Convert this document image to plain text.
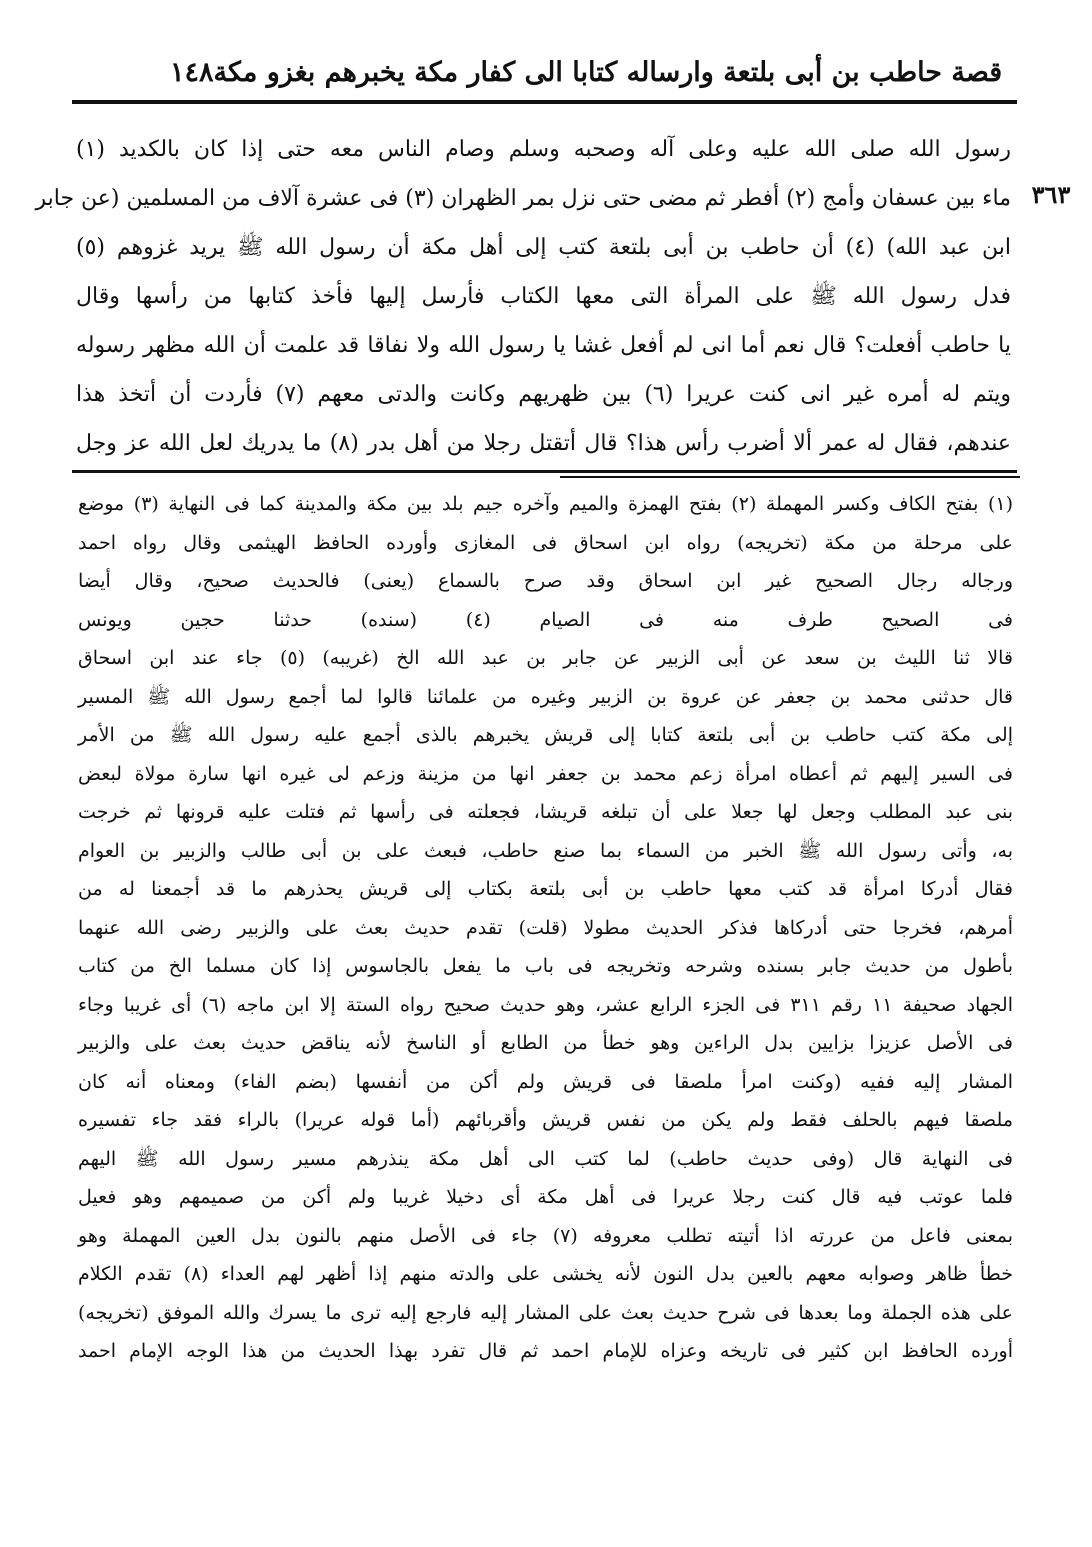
١٤٨ قصة حاطب بن أبى بلتعة وارساله كتابا الى كفار مكة يخبرهم بغزو مكة
٣٦٣
رسول الله صلى الله عليه وعلى آله وصحبه وسلم وصام الناس معه حتى إذا كان بالكديد (١)
ماء بين عسفان وأمج (٢) أفطر ثم مضى حتى نزل بمر الظهران (٣) فى عشرة آلاف من المسلمين (عن جابر
ابن عبد الله) (٤) أن حاطب بن أبى بلتعة كتب إلى أهل مكة أن رسول الله ﷺ يريد غزوهم (٥)
فدل رسول الله ﷺ على المرأة التى معها الكتاب فأرسل إليها فأخذ كتابها من رأسها وقال
يا حاطب أفعلت؟ قال نعم أما انى لم أفعل غشا يا رسول الله ولا نفاقا قد علمت أن الله مظهر رسوله
ويتم له أمره غير انى كنت عريرا (٦) بين ظهريهم وكانت والدتى معهم (٧) فأردت أن أتخذ هذا
عندهم، فقال له عمر ألا أضرب رأس هذا؟ قال أتقتل رجلا من أهل بدر (٨) ما يدريك لعل الله عز وجل
(١) بفتح الكاف وكسر المهملة (٢) بفتح الهمزة والميم وآخره جيم بلد بين مكة والمدينة كما فى النهاية (٣) موضع
على مرحلة من مكة (تخريجه) رواه ابن اسحاق فى المغازى وأورده الحافظ الهيثمى وقال رواه احمد
ورجاله رجال الصحيح غير ابن اسحاق وقد صرح بالسماع (يعنى) فالحديث صحيح، وقال أيضا
فى الصحيح طرف منه فى الصيام (٤) (سنده) حدثنا حجين ويونس
قالا ثنا الليث بن سعد عن أبى الزبير عن جابر بن عبد الله الخ (غريبه) (٥) جاء عند ابن اسحاق
قال حدثنى محمد بن جعفر عن عروة بن الزبير وغيره من علمائنا قالوا لما أجمع رسول الله ﷺ المسير
إلى مكة كتب حاطب بن أبى بلتعة كتابا إلى قريش يخبرهم بالذى أجمع عليه رسول الله ﷺ من الأمر
فى السير إليهم ثم أعطاه امرأة زعم محمد بن جعفر انها من مزينة وزعم لى غيره انها سارة مولاة لبعض
بنى عبد المطلب وجعل لها جعلا على أن تبلغه قريشا، فجعلته فى رأسها ثم فتلت عليه قرونها ثم خرجت
به، وأتى رسول الله ﷺ الخبر من السماء بما صنع حاطب، فبعث على بن أبى طالب والزبير بن العوام
فقال أدركا امرأة قد كتب معها حاطب بن أبى بلتعة بكتاب إلى قريش يحذرهم ما قد أجمعنا له من
أمرهم، فخرجا حتى أدركاها فذكر الحديث مطولا (قلت) تقدم حديث بعث على والزبير رضى الله عنهما
بأطول من حديث جابر بسنده وشرحه وتخريجه فى باب ما يفعل بالجاسوس إذا كان مسلما الخ من كتاب
الجهاد صحيفة ١١ رقم ٣١١ فى الجزء الرابع عشر، وهو حديث صحيح رواه الستة إلا ابن ماجه (٦) أى غريبا وجاء
فى الأصل عزيزا بزايين بدل الراءين وهو خطأ من الطابع أو الناسخ لأنه يناقض حديث بعث على والزبير
المشار إليه ففيه (وكنت امرأ ملصقا فى قريش ولم أكن من أنفسها (بضم الفاء) ومعناه أنه كان
ملصقا فيهم بالحلف فقط ولم يكن من نفس قريش وأقربائهم (أما قوله عريرا) بالراء فقد جاء تفسيره
فى النهاية قال (وفى حديث حاطب) لما كتب الى أهل مكة ينذرهم مسير رسول الله ﷺ اليهم
فلما عوتب فيه قال كنت رجلا عريرا فى أهل مكة أى دخيلا غريبا ولم أكن من صميمهم وهو فعيل
بمعنى فاعل من عررته اذا أتيته تطلب معروفه (٧) جاء فى الأصل منهم بالنون بدل العين المهملة وهو
خطأ ظاهر وصوابه معهم بالعين بدل النون لأنه يخشى على والدته منهم إذا أظهر لهم العداء (٨) تقدم الكلام
على هذه الجملة وما بعدها فى شرح حديث بعث على المشار إليه فارجع إليه ترى ما يسرك والله الموفق (تخريجه)
أورده الحافظ ابن كثير فى تاريخه وعزاه للإمام احمد ثم قال تفرد بهذا الحديث من هذا الوجه الإمام احمد
